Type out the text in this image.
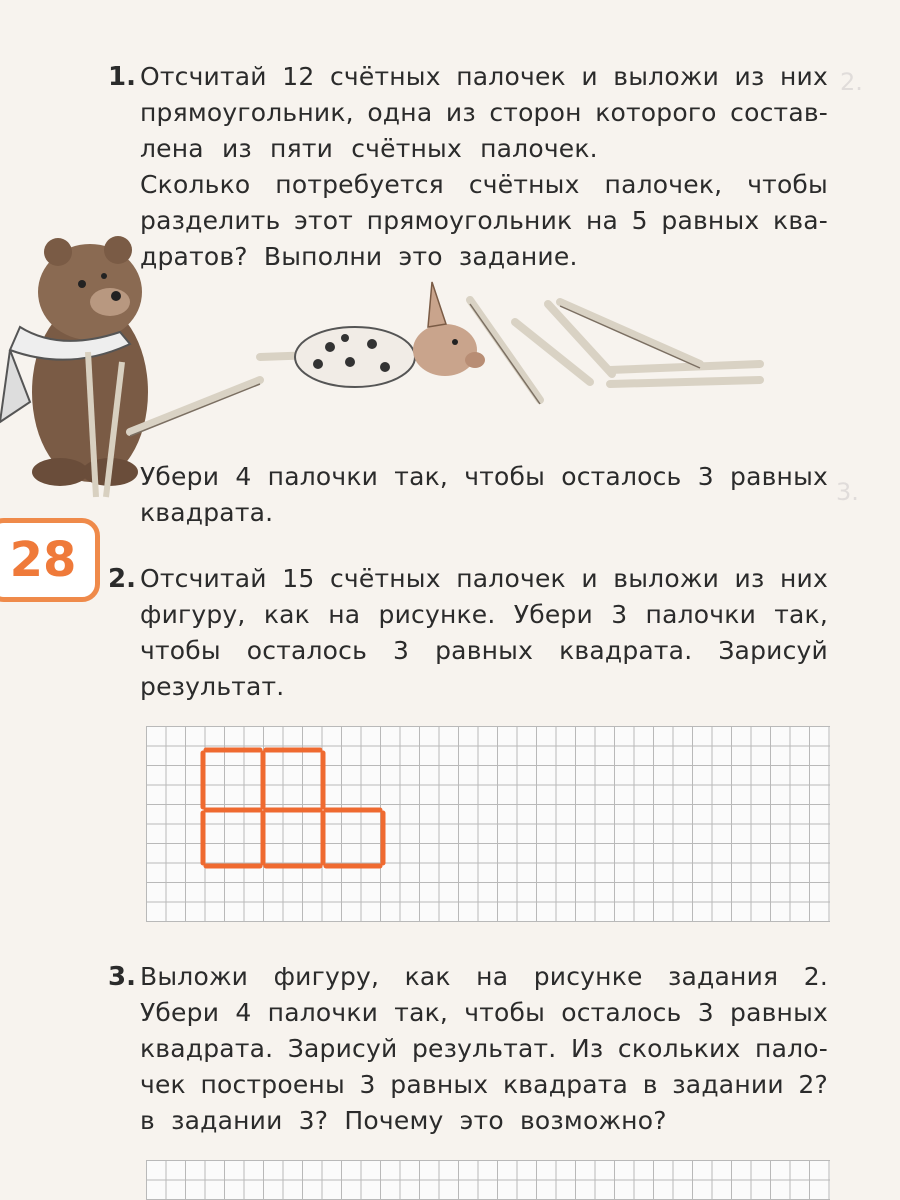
2.
3.
1. Отсчитай 12 счётных палочек и выложи из них
прямоугольник, одна из сторон которого состав-
лена из пяти счётных палочек.
Сколько потребуется счётных палочек, чтобы
разделить этот прямоугольник на 5 равных ква-
дратов? Выполни это задание.
Убери 4 палочки так, чтобы осталось 3 равных
квадрата.
28	2. Отсчитай 15 счётных палочек и выложи из них
фигуру, как на рисунке. Убери 3 палочки так,
чтобы осталось 3 равных квадрата. Зарисуй
результат.
3. Выложи фигуру, как на рисунке задания 2.
Убери 4 палочки так, чтобы осталось 3 равных
квадрата. Зарисуй результат. Из скольких пало-
чек построены 3 равных квадрата в задании 2?
в задании 3? Почему это возможно?
